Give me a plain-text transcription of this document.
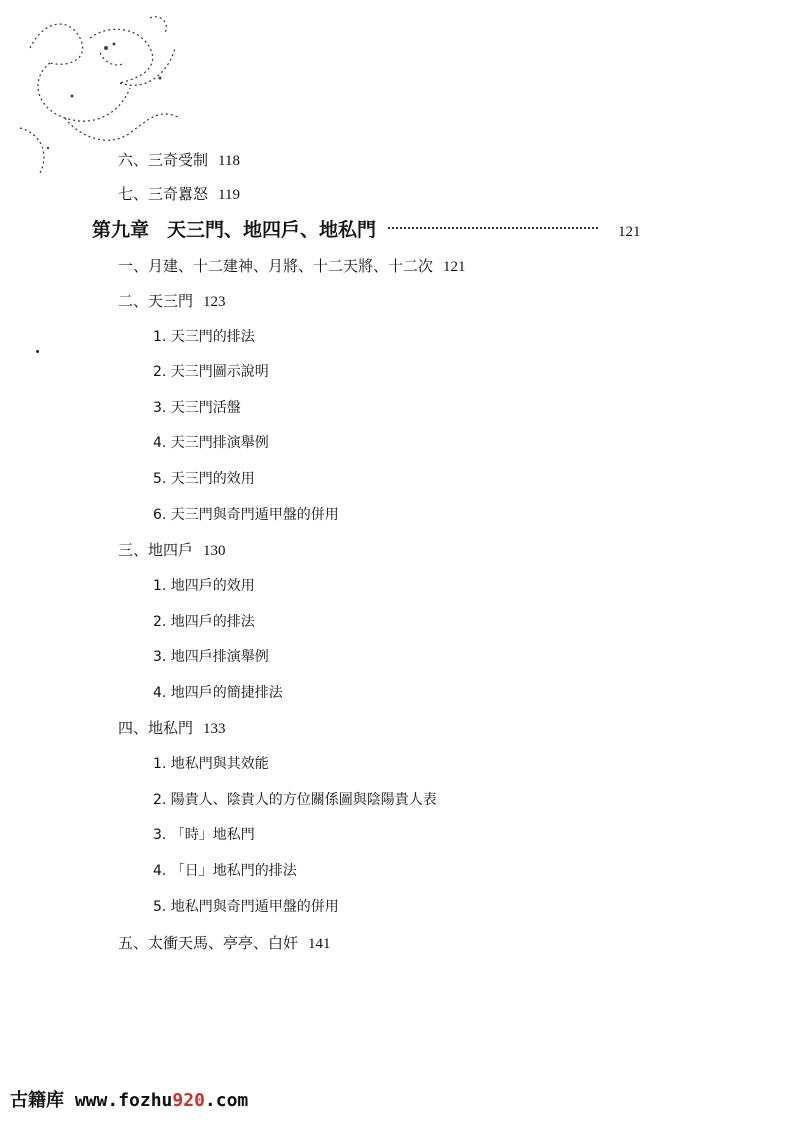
六、三奇受制 118
七、三奇囂怒 119
第九章 天三門、地四戶、地私門	121
一、月建、十二建神、月將、十二天將、十二次 121
二、天三門 123
1. 天三門的排法
2. 天三門圖示說明
3. 天三門活盤
4. 天三門排演舉例
5. 天三門的效用
6. 天三門與奇門遁甲盤的併用
三、地四戶 130
1. 地四戶的效用
2. 地四戶的排法
3. 地四戶排演舉例
4. 地四戶的簡捷排法
四、地私門 133
1. 地私門與其效能
2. 陽貴人、陰貴人的方位關係圖與陰陽貴人表
3. 「時」地私門
4. 「日」地私門的排法
5. 地私門與奇門遁甲盤的併用
五、太衝天馬、亭亭、白奸 141
古籍库 www.fozhu920.com
